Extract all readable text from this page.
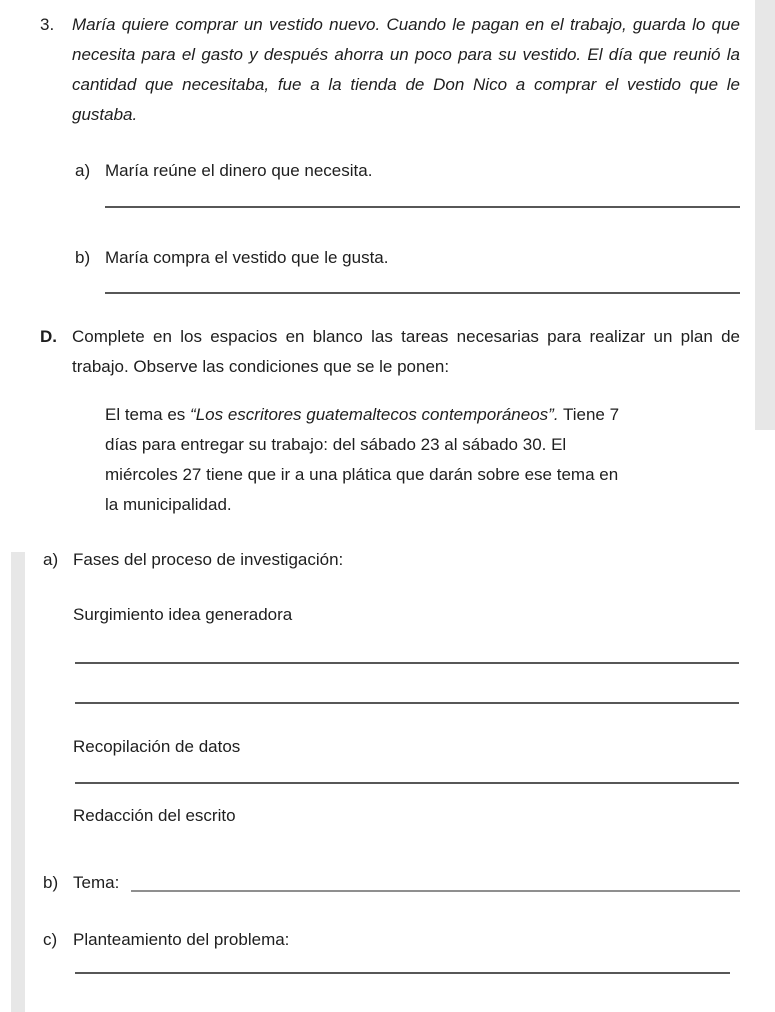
3.	María quiere comprar un vestido nuevo. Cuando le pagan en el trabajo, guarda lo que necesita para el gasto y después ahorra un poco para su vestido. El día que reunió la cantidad que necesitaba, fue a la tienda de Don Nico a comprar el vestido que le gustaba.

a) María reúne el dinero que necesita.
b) María compra el vestido que le gusta.
D. Complete en los espacios en blanco las tareas necesarias para realizar un plan de trabajo. Observe las condiciones que se le ponen:

El tema es “Los escritores guatemaltecos contemporáneos”. Tiene 7 días para entregar su trabajo: del sábado 23 al sábado 30. El miércoles 27 tiene que ir a una plática que darán sobre ese tema en la municipalidad.

a) Fases del proceso de investigación:

Surgimiento idea generadora

Recopilación de datos

Redacción del escrito

b) Tema:
c) Planteamiento del problema:
